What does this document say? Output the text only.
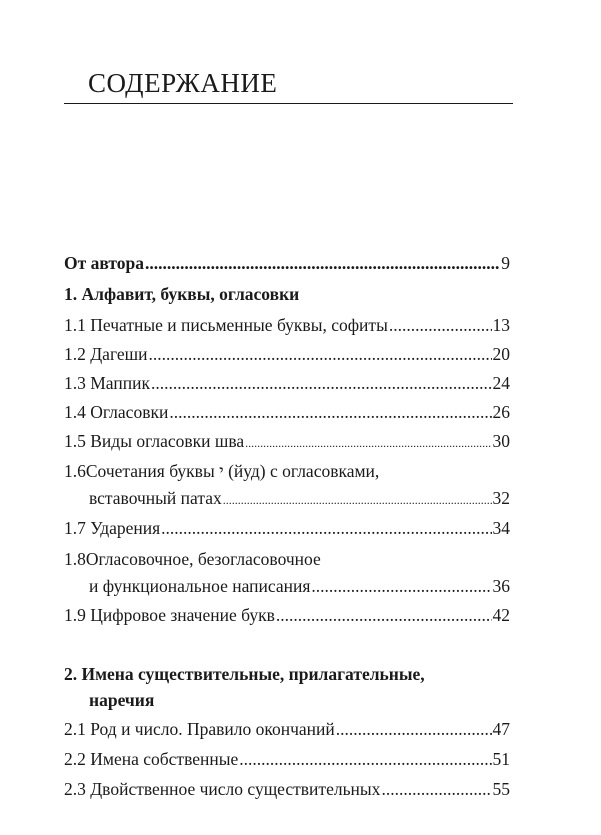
СОДЕРЖАНИЕ
От автора .....	9
1. Алфавит, буквы, огласовки
1.1 Печатные и письменные буквы, софиты .....	13
1.2 Дагеши .....	20
1.3 Маппик .....	24
1.4 Огласовки .....	26
1.5 Виды огласовки шва .....	30
1.6 Сочетания буквы י (йуд) с огласовками,
вставочный патах .....	32
1.7 Ударения .....	34
1.8 Огласовочное, безогласовочное
и функциональное написания .....	36
1.9 Цифровое значение букв .....	42
2. Имена существительные, прилагательные,
наречия
2.1 Род и число. Правило окончаний .....	47
2.2 Имена собственные .....	51
2.3 Двойственное число существительных .....	55
